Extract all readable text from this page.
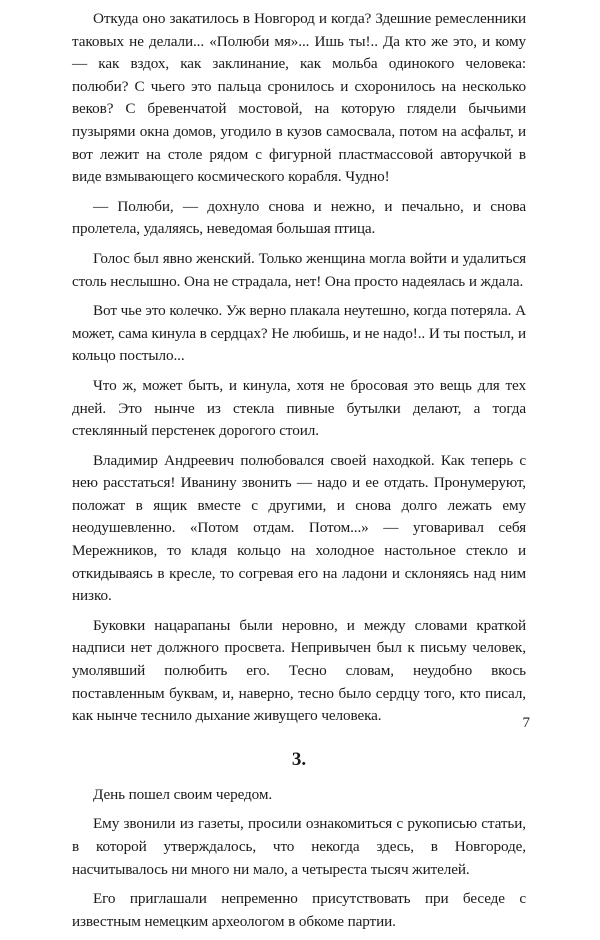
Откуда оно закатилось в Новгород и когда? Здешние ремесленники таковых не делали... «Полюби мя»... Ишь ты!.. Да кто же это, и кому — как вздох, как заклинание, как мольба одинокого человека: полюби? С чьего это пальца сронилось и схоронилось на несколько веков? С бревенчатой мостовой, на которую глядели бычьими пузырями окна домов, угодило в кузов самосвала, потом на асфальт, и вот лежит на столе рядом с фигурной пластмассовой авторучкой в виде взмывающего космического корабля. Чудно!

— Полюби, — дохнуло снова и нежно, и печально, и снова пролетела, удаляясь, неведомая большая птица.

Голос был явно женский. Только женщина могла войти и удалиться столь неслышно. Она не страдала, нет! Она просто надеялась и ждала.

Вот чье это колечко. Уж верно плакала неутешно, когда потеряла. А может, сама кинула в сердцах? Не любишь, и не надо!.. И ты постыл, и кольцо постыло...

Что ж, может быть, и кинула, хотя не бросовая это вещь для тех дней. Это нынче из стекла пивные бутылки делают, а тогда стеклянный перстенек дорогого стоил.

Владимир Андреевич полюбовался своей находкой. Как теперь с нею расстаться! Иванину звонить — надо и ее отдать. Пронумеруют, положат в ящик вместе с другими, и снова долго лежать ему неодушевленно. «Потом отдам. Потом...» — уговаривал себя Мережников, то кладя кольцо на холодное настольное стекло и откидываясь в кресле, то согревая его на ладони и склоняясь над ним низко.

Буковки нацарапаны были неровно, и между словами краткой надписи нет должного просвета. Непривычен был к письму человек, умолявший полюбить его. Тесно словам, неудобно вкось поставленным буквам, и, наверно, тесно было сердцу того, кто писал, как нынче теснило дыхание живущего человека.

3.

День пошел своим чередом.

Ему звонили из газеты, просили ознакомиться с рукописью статьи, в которой утверждалось, что некогда здесь, в Новгороде, насчитывалось ни много ни мало, а четыреста тысяч жителей.

Его приглашали непременно присутствовать при беседе с известным немецким археологом в обкоме партии.

7
